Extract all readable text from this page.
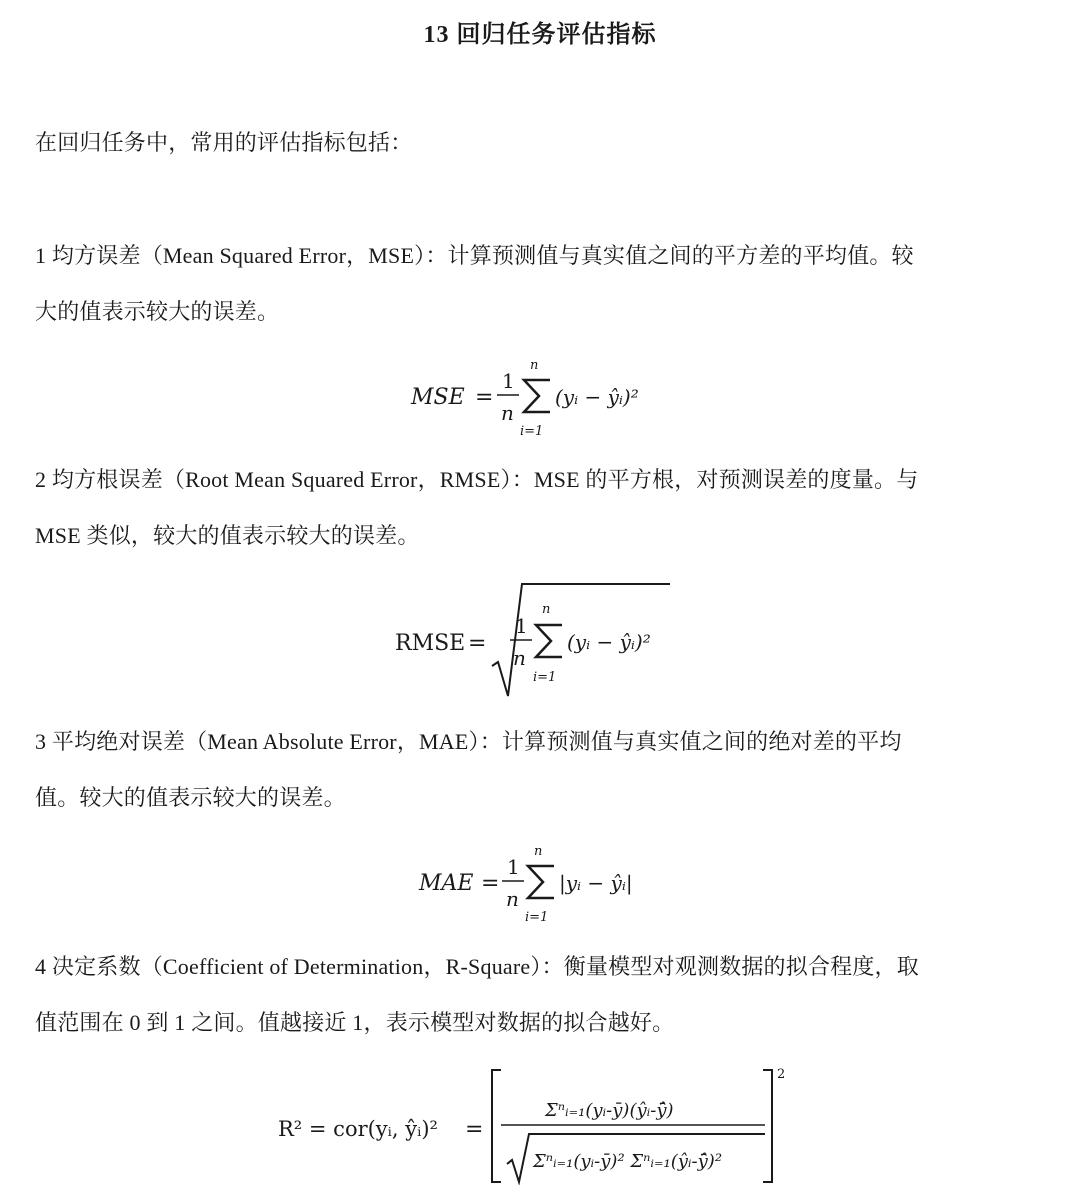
13 回归任务评估指标
在回归任务中，常用的评估指标包括：
1 均方误差（Mean Squared Error，MSE）：计算预测值与真实值之间的平方差的平均值。较
大的值表示较大的误差。
MSE =
1
n
n
i=1
(yᵢ − ŷᵢ)²
2 均方根误差（Root Mean Squared Error，RMSE）：MSE 的平方根，对预测误差的度量。与
MSE 类似，较大的值表示较大的误差。
RMSE =
1
n
n
i=1
(yᵢ − ŷᵢ)²
3 平均绝对误差（Mean Absolute Error，MAE）：计算预测值与真实值之间的绝对差的平均
值。较大的值表示较大的误差。
MAE =
1
n
n
i=1
|yᵢ − ŷᵢ|
4 决定系数（Coefficient of Determination，R-Square）：衡量模型对观测数据的拟合程度，取
值范围在 0 到 1 之间。值越接近 1，表示模型对数据的拟合越好。
R² = cor(yᵢ, ŷᵢ)² =
2
Σⁿᵢ₌₁(yᵢ-ȳ)(ŷᵢ-ŷ̄)
Σⁿᵢ₌₁(yᵢ-ȳ)² Σⁿᵢ₌₁(ŷᵢ-ŷ̄)²
